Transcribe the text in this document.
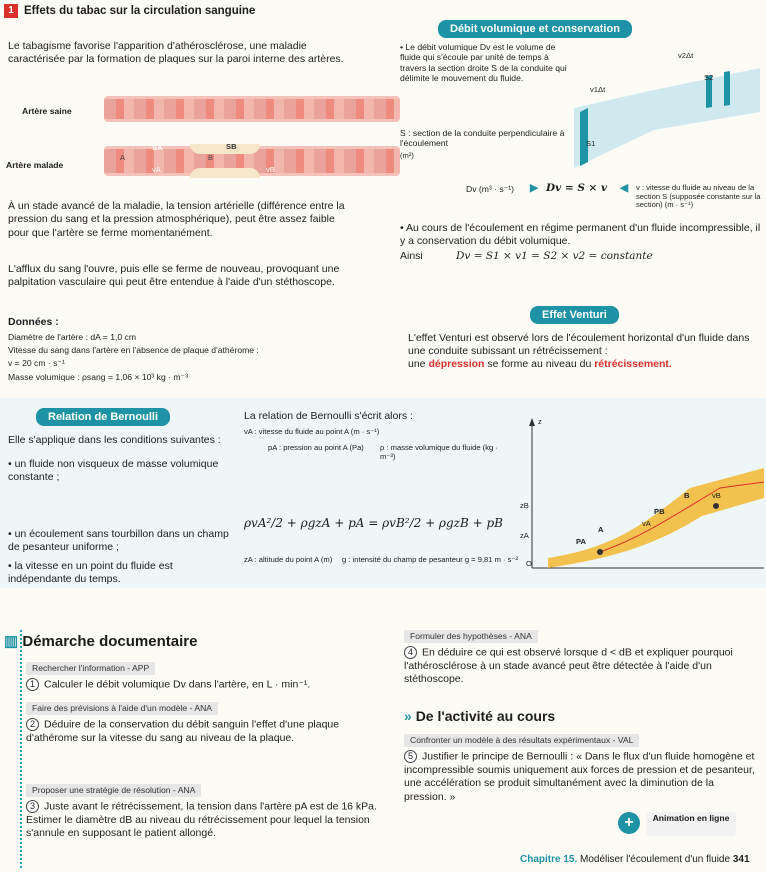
1 Effets du tabac sur la circulation sanguine
Le tabagisme favorise l'apparition d'athérosclérose, une maladie caractérisée par la formation de plaques sur la paroi interne des artères.
Artère saine
Artère malade
A
SA
vA
B
SB
vB
À un stade avancé de la maladie, la tension artérielle (différence entre la pression du sang et la pression atmosphérique), peut être assez faible pour que l'artère se ferme momentanément.
L'afflux du sang l'ouvre, puis elle se ferme de nouveau, provoquant une palpitation vasculaire qui peut être entendue à l'aide d'un stéthoscope.
Données :
Diamètre de l'artère : dA = 1,0 cm
Vitesse du sang dans l'artère en l'absence de plaque d'athérome :
v = 20 cm · s⁻¹
Masse volumique : ρsang = 1,06 × 10³ kg · m⁻³
Débit volumique et conservation
• Le débit volumique Dv est le volume de fluide qui s'écoule par unité de temps à travers la section droite S de la conduite qui délimite le mouvement du fluide.
S : section de la conduite perpendiculaire à l'écoulement
(m²)
v2Δt
S2
v1Δt
S1
Dv (m³ · s⁻¹) ▶ Dv = S × v ◀ v : vitesse du fluide au niveau de la section S (supposée constante sur la section) (m · s⁻¹)
• Au cours de l'écoulement en régime permanent d'un fluide incompressible, il y a conservation du débit volumique.
Ainsi	Dv = S1 × v1 = S2 × v2 = constante
Effet Venturi
L'effet Venturi est observé lors de l'écoulement horizontal d'un fluide dans une conduite subissant un rétrécissement :
une dépression se forme au niveau du rétrécissement.
Relation de Bernoulli
Elle s'applique dans les conditions suivantes :
• un fluide non visqueux de masse volumique constante ;
• un écoulement sans tourbillon dans un champ de pesanteur uniforme ;
• la vitesse en un point du fluide est indépendante du temps.
La relation de Bernoulli s'écrit alors :
vA : vitesse du fluide au point A (m · s⁻¹)
pA : pression au point A (Pa)	ρ : masse volumique du fluide (kg · m⁻³)
ρvA²/2 + ρgzA + pA = ρvB²/2 + ρgzB + pB
zA : altitude du point A (m)	g : intensité du champ de pesanteur g = 9,81 m · s⁻²
z
zB
zA
O
B	vB
PB
A
vA
PA
▥ Démarche documentaire
Rechercher l'information - APP
1 Calculer le débit volumique Dv dans l'artère, en L · min⁻¹.
Faire des prévisions à l'aide d'un modèle - ANA
2 Déduire de la conservation du débit sanguin l'effet d'une plaque d'athérome sur la vitesse du sang au niveau de la plaque.
Proposer une stratégie de résolution - ANA
3 Juste avant le rétrécissement, la tension dans l'artère pA est de 16 kPa. Estimer le diamètre dB au niveau du rétrécissement pour lequel la tension s'annule en supposant le patient allongé.
Formuler des hypothèses - ANA
4 En déduire ce qui est observé lorsque d < dB et expliquer pourquoi l'athérosclérose à un stade avancé peut être détectée à l'aide d'un stéthoscope.
» De l'activité au cours
Confronter un modèle à des résultats expérimentaux - VAL
5 Justifier le principe de Bernoulli : « Dans le flux d'un fluide homogène et incompressible soumis uniquement aux forces de pression et de pesanteur, une accélération se produit simultanément avec la diminution de la pression. »
+	Animation en ligne
Chapitre 15. Modéliser l'écoulement d'un fluide 341
